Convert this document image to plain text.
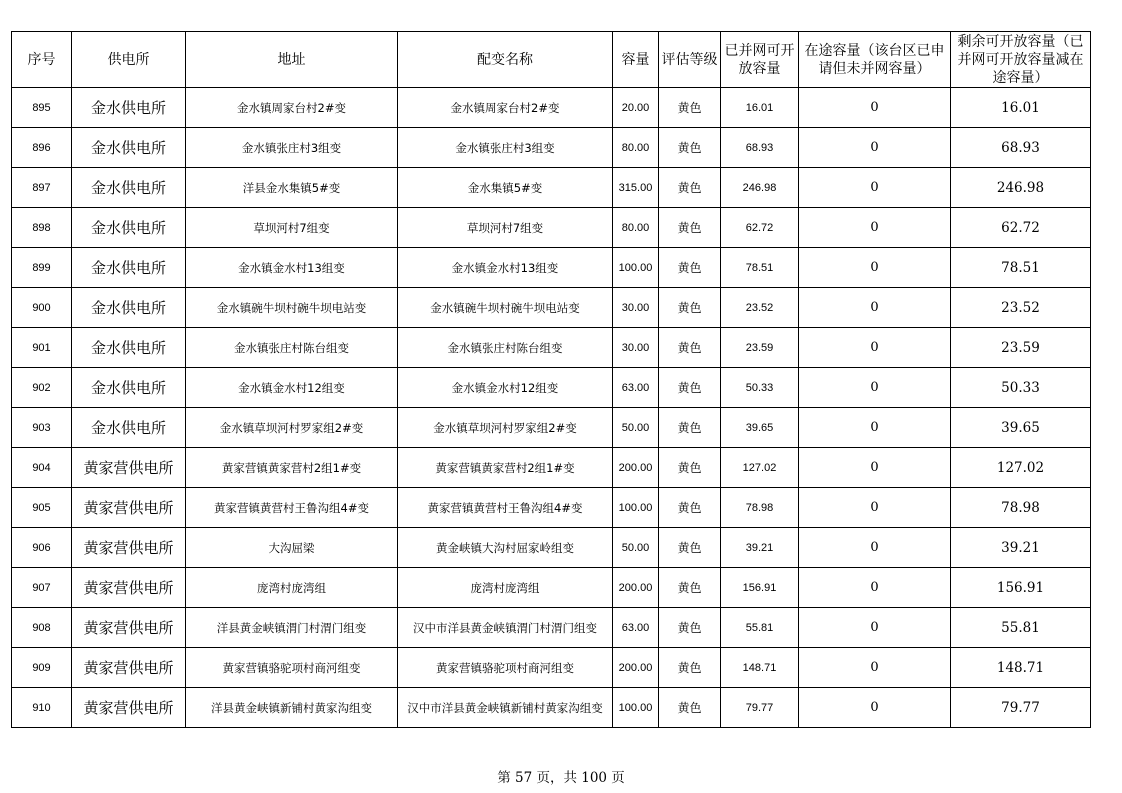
序号	供电所	地址	配变名称	容量	评估等级	已并网可开放容量	在途容量（该台区已申请但未并网容量）	剩余可开放容量（已并网可开放容量减在途容量）
895	金水供电所	金水镇周家台村2#变	金水镇周家台村2#变	20.00	黄色	16.01	0	16.01
896	金水供电所	金水镇张庄村3组变	金水镇张庄村3组变	80.00	黄色	68.93	0	68.93
897	金水供电所	洋县金水集镇5#变	金水集镇5#变	315.00	黄色	246.98	0	246.98
898	金水供电所	草坝河村7组变	草坝河村7组变	80.00	黄色	62.72	0	62.72
899	金水供电所	金水镇金水村13组变	金水镇金水村13组变	100.00	黄色	78.51	0	78.51
900	金水供电所	金水镇碗牛坝村碗牛坝电站变	金水镇碗牛坝村碗牛坝电站变	30.00	黄色	23.52	0	23.52
901	金水供电所	金水镇张庄村陈台组变	金水镇张庄村陈台组变	30.00	黄色	23.59	0	23.59
902	金水供电所	金水镇金水村12组变	金水镇金水村12组变	63.00	黄色	50.33	0	50.33
903	金水供电所	金水镇草坝河村罗家组2#变	金水镇草坝河村罗家组2#变	50.00	黄色	39.65	0	39.65
904	黄家营供电所	黄家营镇黄家营村2组1#变	黄家营镇黄家营村2组1#变	200.00	黄色	127.02	0	127.02
905	黄家营供电所	黄家营镇黄营村王鲁沟组4#变	黄家营镇黄营村王鲁沟组4#变	100.00	黄色	78.98	0	78.98
906	黄家营供电所	大沟屈梁	黄金峡镇大沟村屈家岭组变	50.00	黄色	39.21	0	39.21
907	黄家营供电所	庞湾村庞湾组	庞湾村庞湾组	200.00	黄色	156.91	0	156.91
908	黄家营供电所	洋县黄金峡镇渭门村渭门组变	汉中市洋县黄金峡镇渭门村渭门组变	63.00	黄色	55.81	0	55.81
909	黄家营供电所	黄家营镇骆驼项村商河组变	黄家营镇骆驼项村商河组变	200.00	黄色	148.71	0	148.71
910	黄家营供电所	洋县黄金峡镇新铺村黄家沟组变	汉中市洋县黄金峡镇新铺村黄家沟组变	100.00	黄色	79.77	0	79.77
第 57 页，共 100 页
